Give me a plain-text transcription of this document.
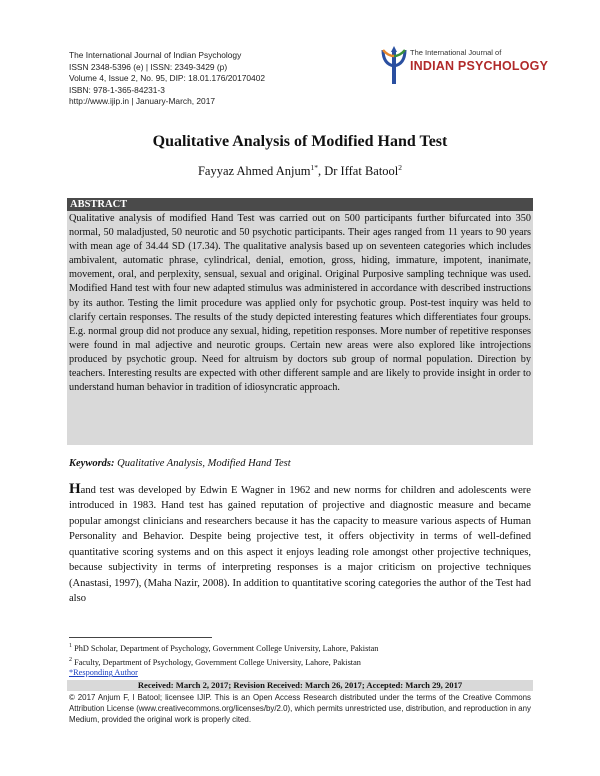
The International Journal of Indian Psychology
ISSN 2348-5396 (e) | ISSN: 2349-3429 (p)
Volume 4, Issue 2, No. 95, DIP: 18.01.176/20170402
ISBN: 978-1-365-84231-3
http://www.ijip.in | January-March, 2017
The International Journal of
INDIAN PSYCHOLOGY
Qualitative Analysis of Modified Hand Test
Fayyaz Ahmed Anjum$^{1*}$, Dr Iffat Batool$^2$
ABSTRACT
Qualitative analysis of modified Hand Test was carried out on 500 participants further bifurcated into 350 normal, 50 maladjusted, 50 neurotic and 50 psychotic participants. Their ages ranged from 11 years to 90 years with mean age of 34.44 SD (17.34). The qualitative analysis based up on seventeen categories which includes ambivalent, automatic phrase, cylindrical, denial, emotion, gross, hiding, immature, impotent, inanimate, movement, oral, and perplexity, sensual, sexual and original. Original Purposive sampling technique was used. Modified Hand test with four new adapted stimulus was administered in accordance with described instructions by its author. Testing the limit procedure was applied only for psychotic group. Post-test inquiry was held to clarify certain responses. The results of the study depicted interesting features which differentiates four groups. E.g. normal group did not produce any sexual, hiding, repetition responses. More number of repetitive responses were found in mal adjective and neurotic groups. Certain new areas were also explored like introjections produced by psychotic group. Need for altruism by doctors sub group of normal population. Direction by teachers. Interesting results are expected with other different sample and are likely to provide insight in order to understand human behavior in tradition of idiosyncratic approach.
Keywords: Qualitative Analysis, Modified Hand Test
Hand test was developed by Edwin E Wagner in 1962 and new norms for children and adolescents were introduced in 1983. Hand test has gained reputation of projective and diagnostic measure and became popular amongst clinicians and researchers because it has the capacity to measure various aspects of Human Personality and Behavior. Despite being projective test, it offers objectivity in terms of well-defined quantitative scoring systems and on this aspect it enjoys leading role amongst other projective techniques, because subjectivity in terms of interpreting responses is a major criticism on projective techniques (Anastasi, 1997), (Maha Nazir, 2008). In addition to quantitative scoring categories the author of the Test had also
$^1$ PhD Scholar, Department of Psychology, Government College University, Lahore, Pakistan
$^2$ Faculty, Department of Psychology, Government College University, Lahore, Pakistan
*Responding Author
Received: March 2, 2017; Revision Received: March 26, 2017; Accepted: March 29, 2017
© 2017 Anjum F, I Batool; licensee IJIP. This is an Open Access Research distributed under the terms of the Creative Commons Attribution License (www.creativecommons.org/licenses/by/2.0), which permits unrestricted use, distribution, and reproduction in any Medium, provided the original work is properly cited.
